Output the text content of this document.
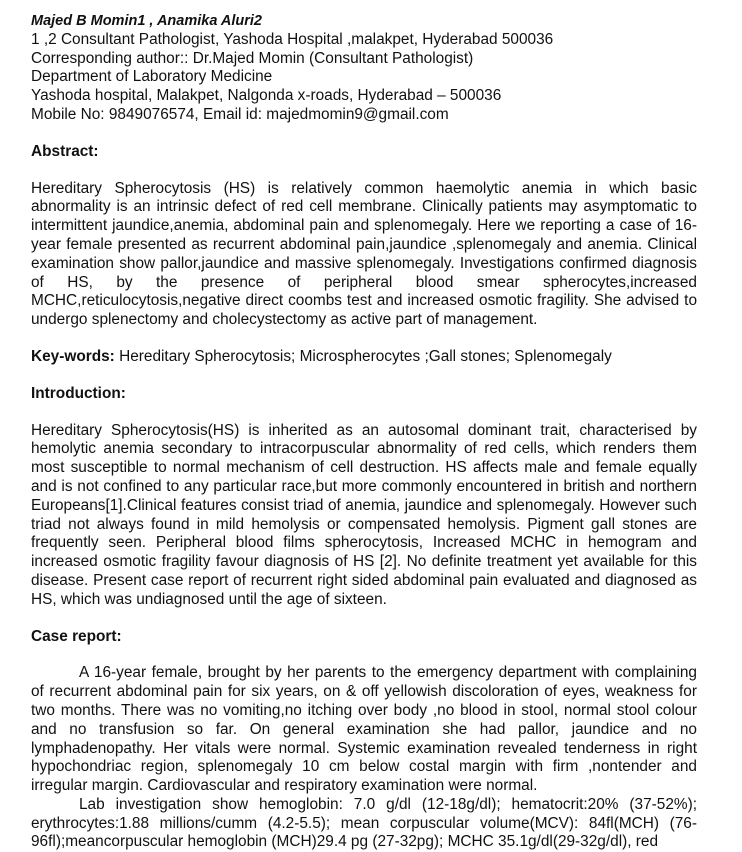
Majed B Momin1 , Anamika Aluri2
1 ,2 Consultant Pathologist, Yashoda Hospital ,malakpet, Hyderabad 500036
Corresponding author:: Dr.Majed Momin (Consultant Pathologist)
Department of Laboratory Medicine
Yashoda hospital, Malakpet, Nalgonda x-roads, Hyderabad – 500036
Mobile No: 9849076574, Email id: majedmomin9@gmail.com
Abstract:
Hereditary Spherocytosis (HS) is relatively common haemolytic anemia in which basic abnormality is an intrinsic defect of red cell membrane. Clinically patients may asymptomatic to intermittent jaundice,anemia, abdominal pain and splenomegaly. Here we reporting a case of 16-year female presented as recurrent abdominal pain,jaundice ,splenomegaly and anemia. Clinical examination show pallor,jaundice and massive splenomegaly. Investigations confirmed diagnosis of HS, by the presence of peripheral blood smear spherocytes,increased MCHC,reticulocytosis,negative direct coombs test and increased osmotic fragility. She advised to undergo splenectomy and cholecystectomy as active part of management.
Key-words: Hereditary Spherocytosis; Microspherocytes ;Gall stones; Splenomegaly
Introduction:
Hereditary Spherocytosis(HS) is inherited as an autosomal dominant trait, characterised by hemolytic anemia secondary to intracorpuscular abnormality of red cells, which renders them most susceptible to normal mechanism of cell destruction. HS affects male and female equally and is not confined to any particular race,but more commonly encountered in british and northern Europeans[1].Clinical features consist triad of anemia, jaundice and splenomegaly. However such triad not always found in mild hemolysis or compensated hemolysis. Pigment gall stones are frequently seen. Peripheral blood films spherocytosis, Increased MCHC in hemogram and increased osmotic fragility favour diagnosis of HS [2]. No definite treatment yet available for this disease. Present case report of recurrent right sided abdominal pain evaluated and diagnosed as HS, which was undiagnosed until the age of sixteen.
Case report:
A 16-year female, brought by her parents to the emergency department with complaining of recurrent abdominal pain for six years, on & off yellowish discoloration of eyes, weakness for two months. There was no vomiting,no itching over body ,no blood in stool, normal stool colour and no transfusion so far. On general examination she had pallor, jaundice and no lymphadenopathy. Her vitals were normal. Systemic examination revealed tenderness in right hypochondriac region, splenomegaly 10 cm below costal margin with firm ,nontender and irregular margin. Cardiovascular and respiratory examination were normal.
Lab investigation show hemoglobin: 7.0 g/dl (12-18g/dl); hematocrit:20% (37-52%); erythrocytes:1.88 millions/cumm (4.2-5.5); mean corpuscular volume(MCV): 84fl(MCH) (76-96fl);meancorpuscular hemoglobin (MCH)29.4 pg (27-32pg); MCHC 35.1g/dl(29-32g/dl), red
